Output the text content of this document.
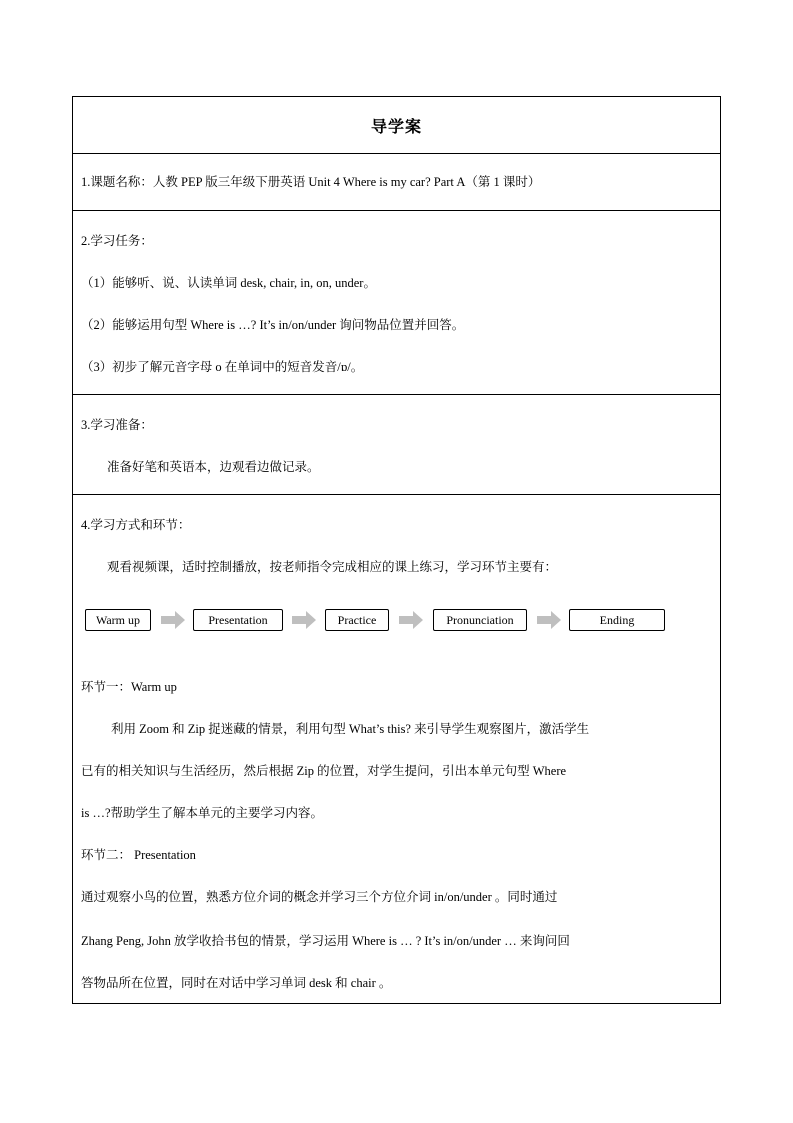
导学案
1.课题名称：人教 PEP 版三年级下册英语 Unit 4 Where is my car? Part A（第 1 课时）
2.学习任务：
（1）能够听、说、认读单词 desk, chair, in, on, under。
（2）能够运用句型 Where is …? It’s in/on/under 询问物品位置并回答。
（3）初步了解元音字母 o 在单词中的短音发音/ɒ/。
3.学习准备：
准备好笔和英语本，边观看边做记录。
4.学习方式和环节：
观看视频课，适时控制播放，按老师指令完成相应的课上练习，学习环节主要有：
Warm up	Presentation	Practice	Pronunciation	Ending
环节一：Warm up
利用 Zoom 和 Zip 捉迷藏的情景，利用句型 What’s this? 来引导学生观察图片，激活学生
已有的相关知识与生活经历，然后根据 Zip 的位置，对学生提问，引出本单元句型 Where
is …?帮助学生了解本单元的主要学习内容。
环节二： Presentation
通过观察小鸟的位置，熟悉方位介词的概念并学习三个方位介词 in/on/under 。同时通过
Zhang Peng, John 放学收拾书包的情景，学习运用 Where is … ? It’s in/on/under … 来询问回
答物品所在位置，同时在对话中学习单词 desk 和 chair 。
